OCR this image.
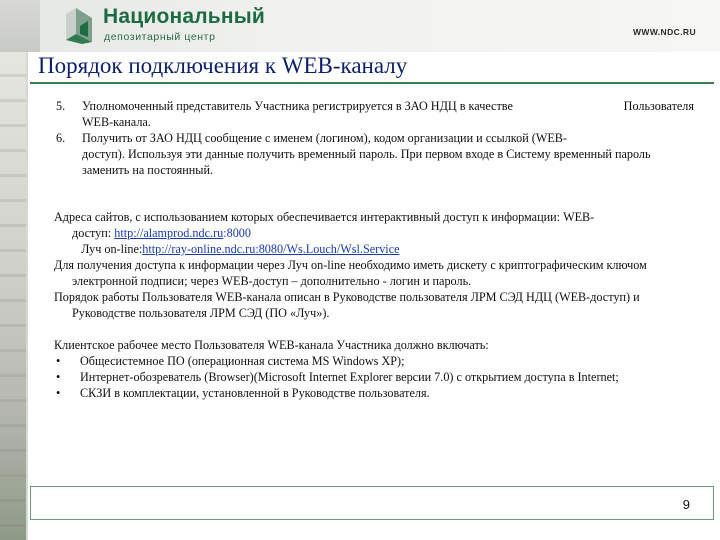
Национальный
депозитарный центр	WWW.NDC.RU
Порядок подключения к WEB-каналу
5. Уполномоченный представитель Участника регистрируется в ЗАО НДЦ в качестве	Пользователя
WEB-канала.
6. Получить от ЗАО НДЦ сообщение с именем (логином), кодом организации и ссылкой (WEB-
доступ). Используя эти данные получить временный пароль. При первом входе в Систему временный пароль заменить на постоянный.

Адреса сайтов, с использованием которых обеспечивается интерактивный доступ к информации: WEB-

доступ: http://alamprod.ndc.ru:8000

Луч on-line:http://ray-online.ndc.ru:8080/Ws.Louch/Wsl.Service

Для получения доступа к информации через Луч on-line необходимо иметь дискету с криптографическим ключом электронной подписи; через WEB-доступ – дополнительно - логин и пароль.

Порядок работы Пользователя WEB-канала описан в Руководстве пользователя ЛРМ СЭД НДЦ (WEB-доступ) и Руководстве пользователя ЛРМ СЭД (ПО «Луч»).

Клиентское рабочее место Пользователя WEB-канала Участника должно включать:

• Общесистемное ПО (операционная система MS Windows XP);

• Интернет-обозреватель (Browser)(Microsoft Internet Explorer версии 7.0) с открытием доступа в Internet;

• СКЗИ в комплектации, установленной в Руководстве пользователя.

9
